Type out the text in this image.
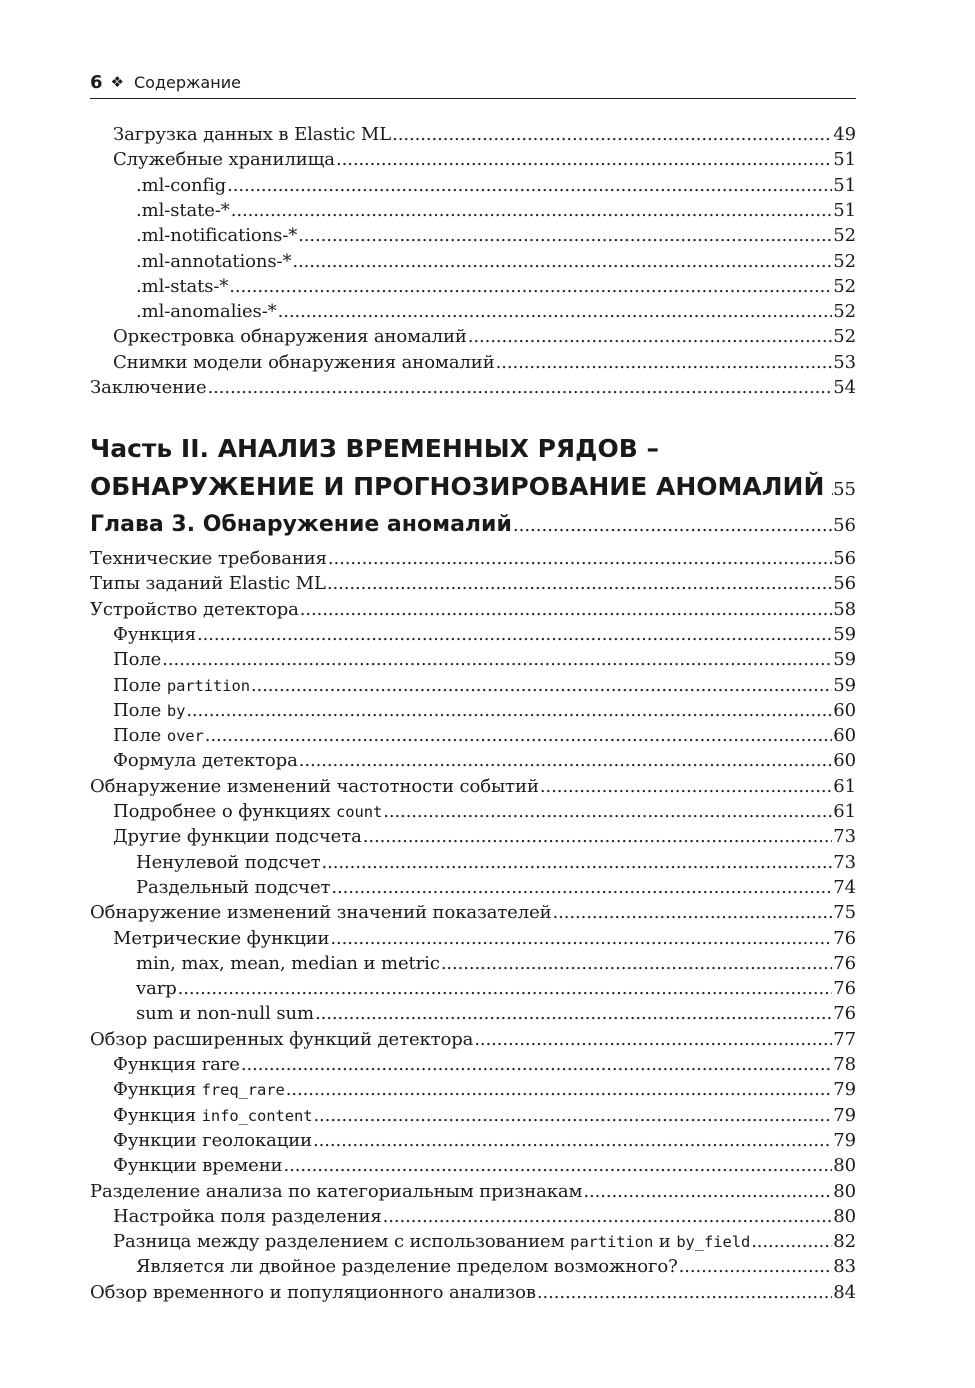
6 ❖ Содержание
Загрузка данных в Elastic ML .....	49
Служебные хранилища .....	51
.ml-config .....	51
.ml-state-* .....	51
.ml-notifications-* .....	52
.ml-annotations-* .....	52
.ml-stats-* .....	52
.ml-anomalies-* .....	52
Оркестровка обнаружения аномалий .....	52
Снимки модели обнаружения аномалий .....	53
Заключение .....	54
Часть II. АНАЛИЗ ВРЕМЕННЫХ РЯДОВ –
ОБНАРУЖЕНИЕ И ПРОГНОЗИРОВАНИЕ АНОМАЛИЙ ..... 55
Глава 3. Обнаружение аномалий .....	56
Технические требования .....	56
Типы заданий Elastic ML .....	56
Устройство детектора .....	58
Функция .....	59
Поле .....	59
Поле partition .....	59
Поле by .....	60
Поле over .....	60
Формула детектора .....	60
Обнаружение изменений частотности событий .....	61
Подробнее о функциях count .....	61
Другие функции подсчета .....	73
Ненулевой подсчет .....	73
Раздельный подсчет .....	74
Обнаружение изменений значений показателей .....	75
Метрические функции .....	76
min, max, mean, median и metric .....	76
varp .....	76
sum и non-null sum .....	76
Обзор расширенных функций детектора .....	77
Функция rare .....	78
Функция freq_rare .....	79
Функция info_content .....	79
Функции геолокации .....	79
Функции времени .....	80
Разделение анализа по категориальным признакам .....	80
Настройка поля разделения .....	80
Разница между разделением с использованием partition и by_field .....	82
Является ли двойное разделение пределом возможного? .....	83
Обзор временного и популяционного анализов .....	84
